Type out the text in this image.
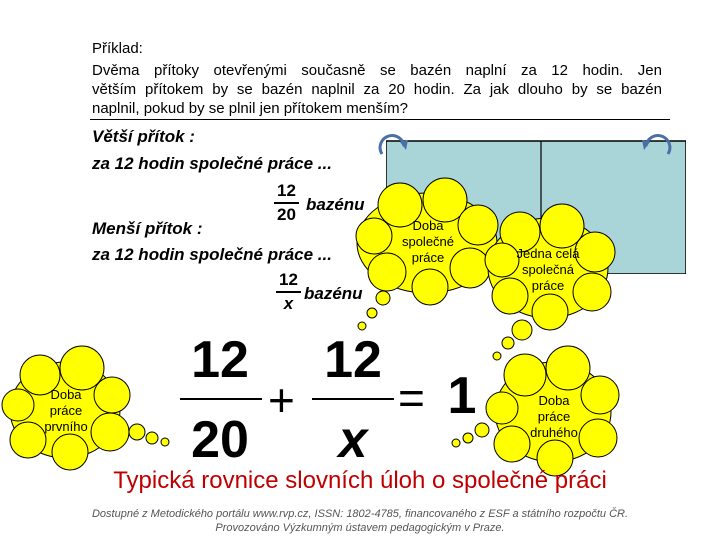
Příklad:
Dvěma přítoky otevřenými současně se bazén naplní za 12 hodin. Jen
větším přítokem by se bazén naplnil za 20 hodin. Za jak dlouho by se bazén
naplnil, pokud by se plnil jen přítokem menším?
Větší přítok :
za 12 hodin společné práce ...
12
20
bazénu
Menší přítok :
za 12 hodin společné práce ...
12
x
bazénu
Doba
společné
práce	Jedna celá
společná
práce
Doba
práce
prvního
Doba
práce
druhého
12
20
+
12
x
= 1
Typická rovnice slovních úloh o společné práci
Dostupné z Metodického portálu www.rvp.cz, ISSN: 1802-4785, financovaného z ESF a státního rozpočtu ČR.
Provozováno Výzkumným ústavem pedagogickým v Praze.
